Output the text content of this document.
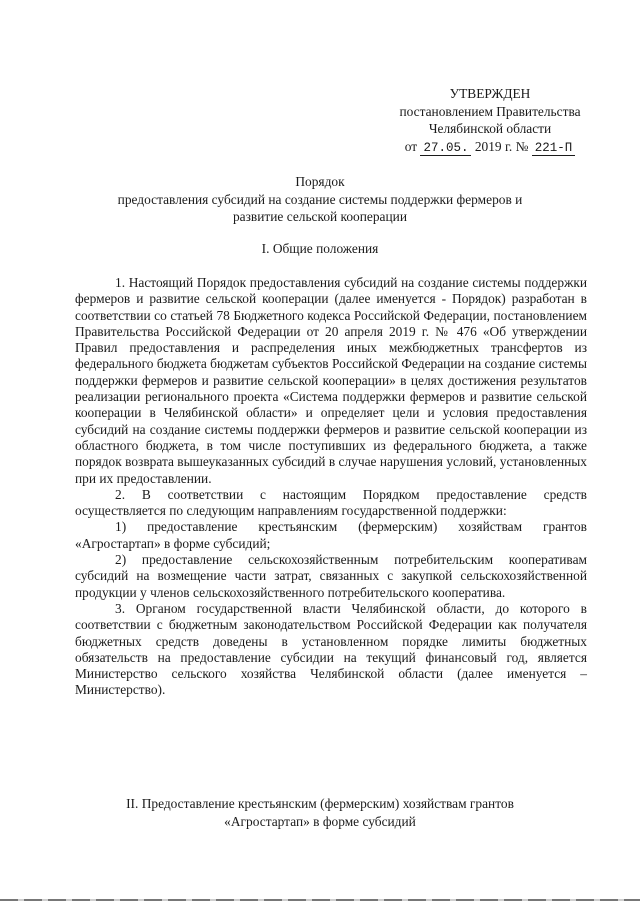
УТВЕРЖДЕН
постановлением Правительства
Челябинской области
от 27.05. 2019 г. № 221-П
Порядок
предоставления субсидий на создание системы поддержки фермеров и
развитие сельской кооперации
I. Общие положения

1. Настоящий Порядок предоставления субсидий на создание системы поддержки фермеров и развитие сельской кооперации (далее именуется - Порядок) разработан в соответствии со статьей 78 Бюджетного кодекса Российской Федерации, постановлением Правительства Российской Федерации от 20 апреля 2019 г. № 476 «Об утверждении Правил предоставления и распределения иных межбюджетных трансфертов из федерального бюджета бюджетам субъектов Российской Федерации на создание системы поддержки фермеров и развитие сельской кооперации» в целях достижения результатов реализации регионального проекта «Система поддержки фермеров и развитие сельской кооперации в Челябинской области» и определяет цели и условия предоставления субсидий на создание системы поддержки фермеров и развитие сельской кооперации из областного бюджета, в том числе поступивших из федерального бюджета, а также порядок возврата вышеуказанных субсидий в случае нарушения условий, установленных при их предоставлении.

2. В соответствии с настоящим Порядком предоставление средств осуществляется по следующим направлениям государственной поддержки:

1) предоставление крестьянским (фермерским) хозяйствам грантов «Агростартап» в форме субсидий;

2) предоставление сельскохозяйственным потребительским кооперативам субсидий на возмещение части затрат, связанных с закупкой сельскохозяйственной продукции у членов сельскохозяйственного потребительского кооператива.

3. Органом государственной власти Челябинской области, до которого в соответствии с бюджетным законодательством Российской Федерации как получателя бюджетных средств доведены в установленном порядке лимиты бюджетных обязательств на предоставление субсидии на текущий финансовый год, является Министерство сельского хозяйства Челябинской области (далее именуется – Министерство).

II. Предоставление крестьянским (фермерским) хозяйствам грантов
«Агростартап» в форме субсидий
